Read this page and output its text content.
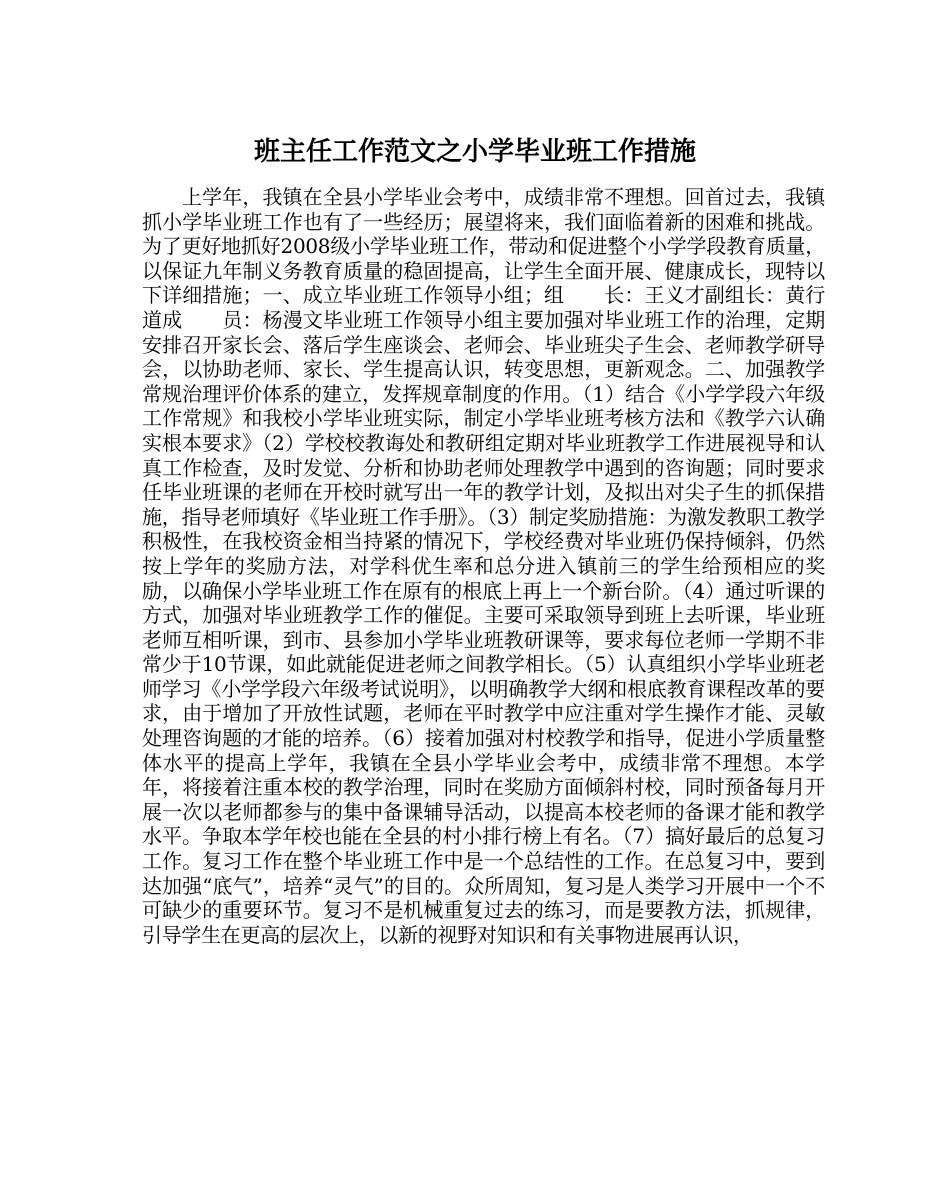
班主任工作范文之小学毕业班工作措施

上学年，我镇在全县小学毕业会考中，成绩非常不理想。回首过去，我镇抓小学毕业班工作也有了一些经历；展望将来，我们面临着新的困难和挑战。为了更好地抓好2008级小学毕业班工作，带动和促进整个小学学段教育质量，以保证九年制义务教育质量的稳固提高，让学生全面开展、健康成长，现特以下详细措施；一、成立毕业班工作领导小组；组　　长：王义才副组长：黄行道成　　员：杨漫文毕业班工作领导小组主要加强对毕业班工作的治理，定期安排召开家长会、落后学生座谈会、老师会、毕业班尖子生会、老师教学研导会，以协助老师、家长、学生提高认识，转变思想，更新观念。二、加强教学常规治理评价体系的建立，发挥规章制度的作用。（1）结合《小学学段六年级工作常规》和我校小学毕业班实际，制定小学毕业班考核方法和《教学六认确实根本要求》（2）学校校教诲处和教研组定期对毕业班教学工作进展视导和认真工作检查，及时发觉、分析和协助老师处理教学中遇到的咨询题；同时要求任毕业班课的老师在开校时就写出一年的教学计划，及拟出对尖子生的抓保措施，指导老师填好《毕业班工作手册》。（3）制定奖励措施：为激发教职工教学积极性，在我校资金相当持紧的情况下，学校经费对毕业班仍保持倾斜，仍然按上学年的奖励方法，对学科优生率和总分进入镇前三的学生给预相应的奖励，以确保小学毕业班工作在原有的根底上再上一个新台阶。（4）通过听课的方式，加强对毕业班教学工作的催促。主要可采取领导到班上去听课，毕业班老师互相听课，到市、县参加小学毕业班教研课等，要求每位老师一学期不非常少于10节课，如此就能促进老师之间教学相长。（5）认真组织小学毕业班老师学习《小学学段六年级考试说明》，以明确教学大纲和根底教育课程改革的要求，由于增加了开放性试题，老师在平时教学中应注重对学生操作才能、灵敏处理咨询题的才能的培养。（6）接着加强对村校教学和指导，促进小学质量整体水平的提高上学年，我镇在全县小学毕业会考中，成绩非常不理想。本学年，将接着注重本校的教学治理，同时在奖励方面倾斜村校，同时预备每月开展一次以老师都参与的集中备课辅导活动，以提高本校老师的备课才能和教学水平。争取本学年校也能在全县的村小排行榜上有名。（7）搞好最后的总复习工作。复习工作在整个毕业班工作中是一个总结性的工作。在总复习中，要到达加强“底气”，培养“灵气”的目的。众所周知，复习是人类学习开展中一个不可缺少的重要环节。复习不是机械重复过去的练习，而是要教方法，抓规律，引导学生在更高的层次上，以新的视野对知识和有关事物进展再认识，
